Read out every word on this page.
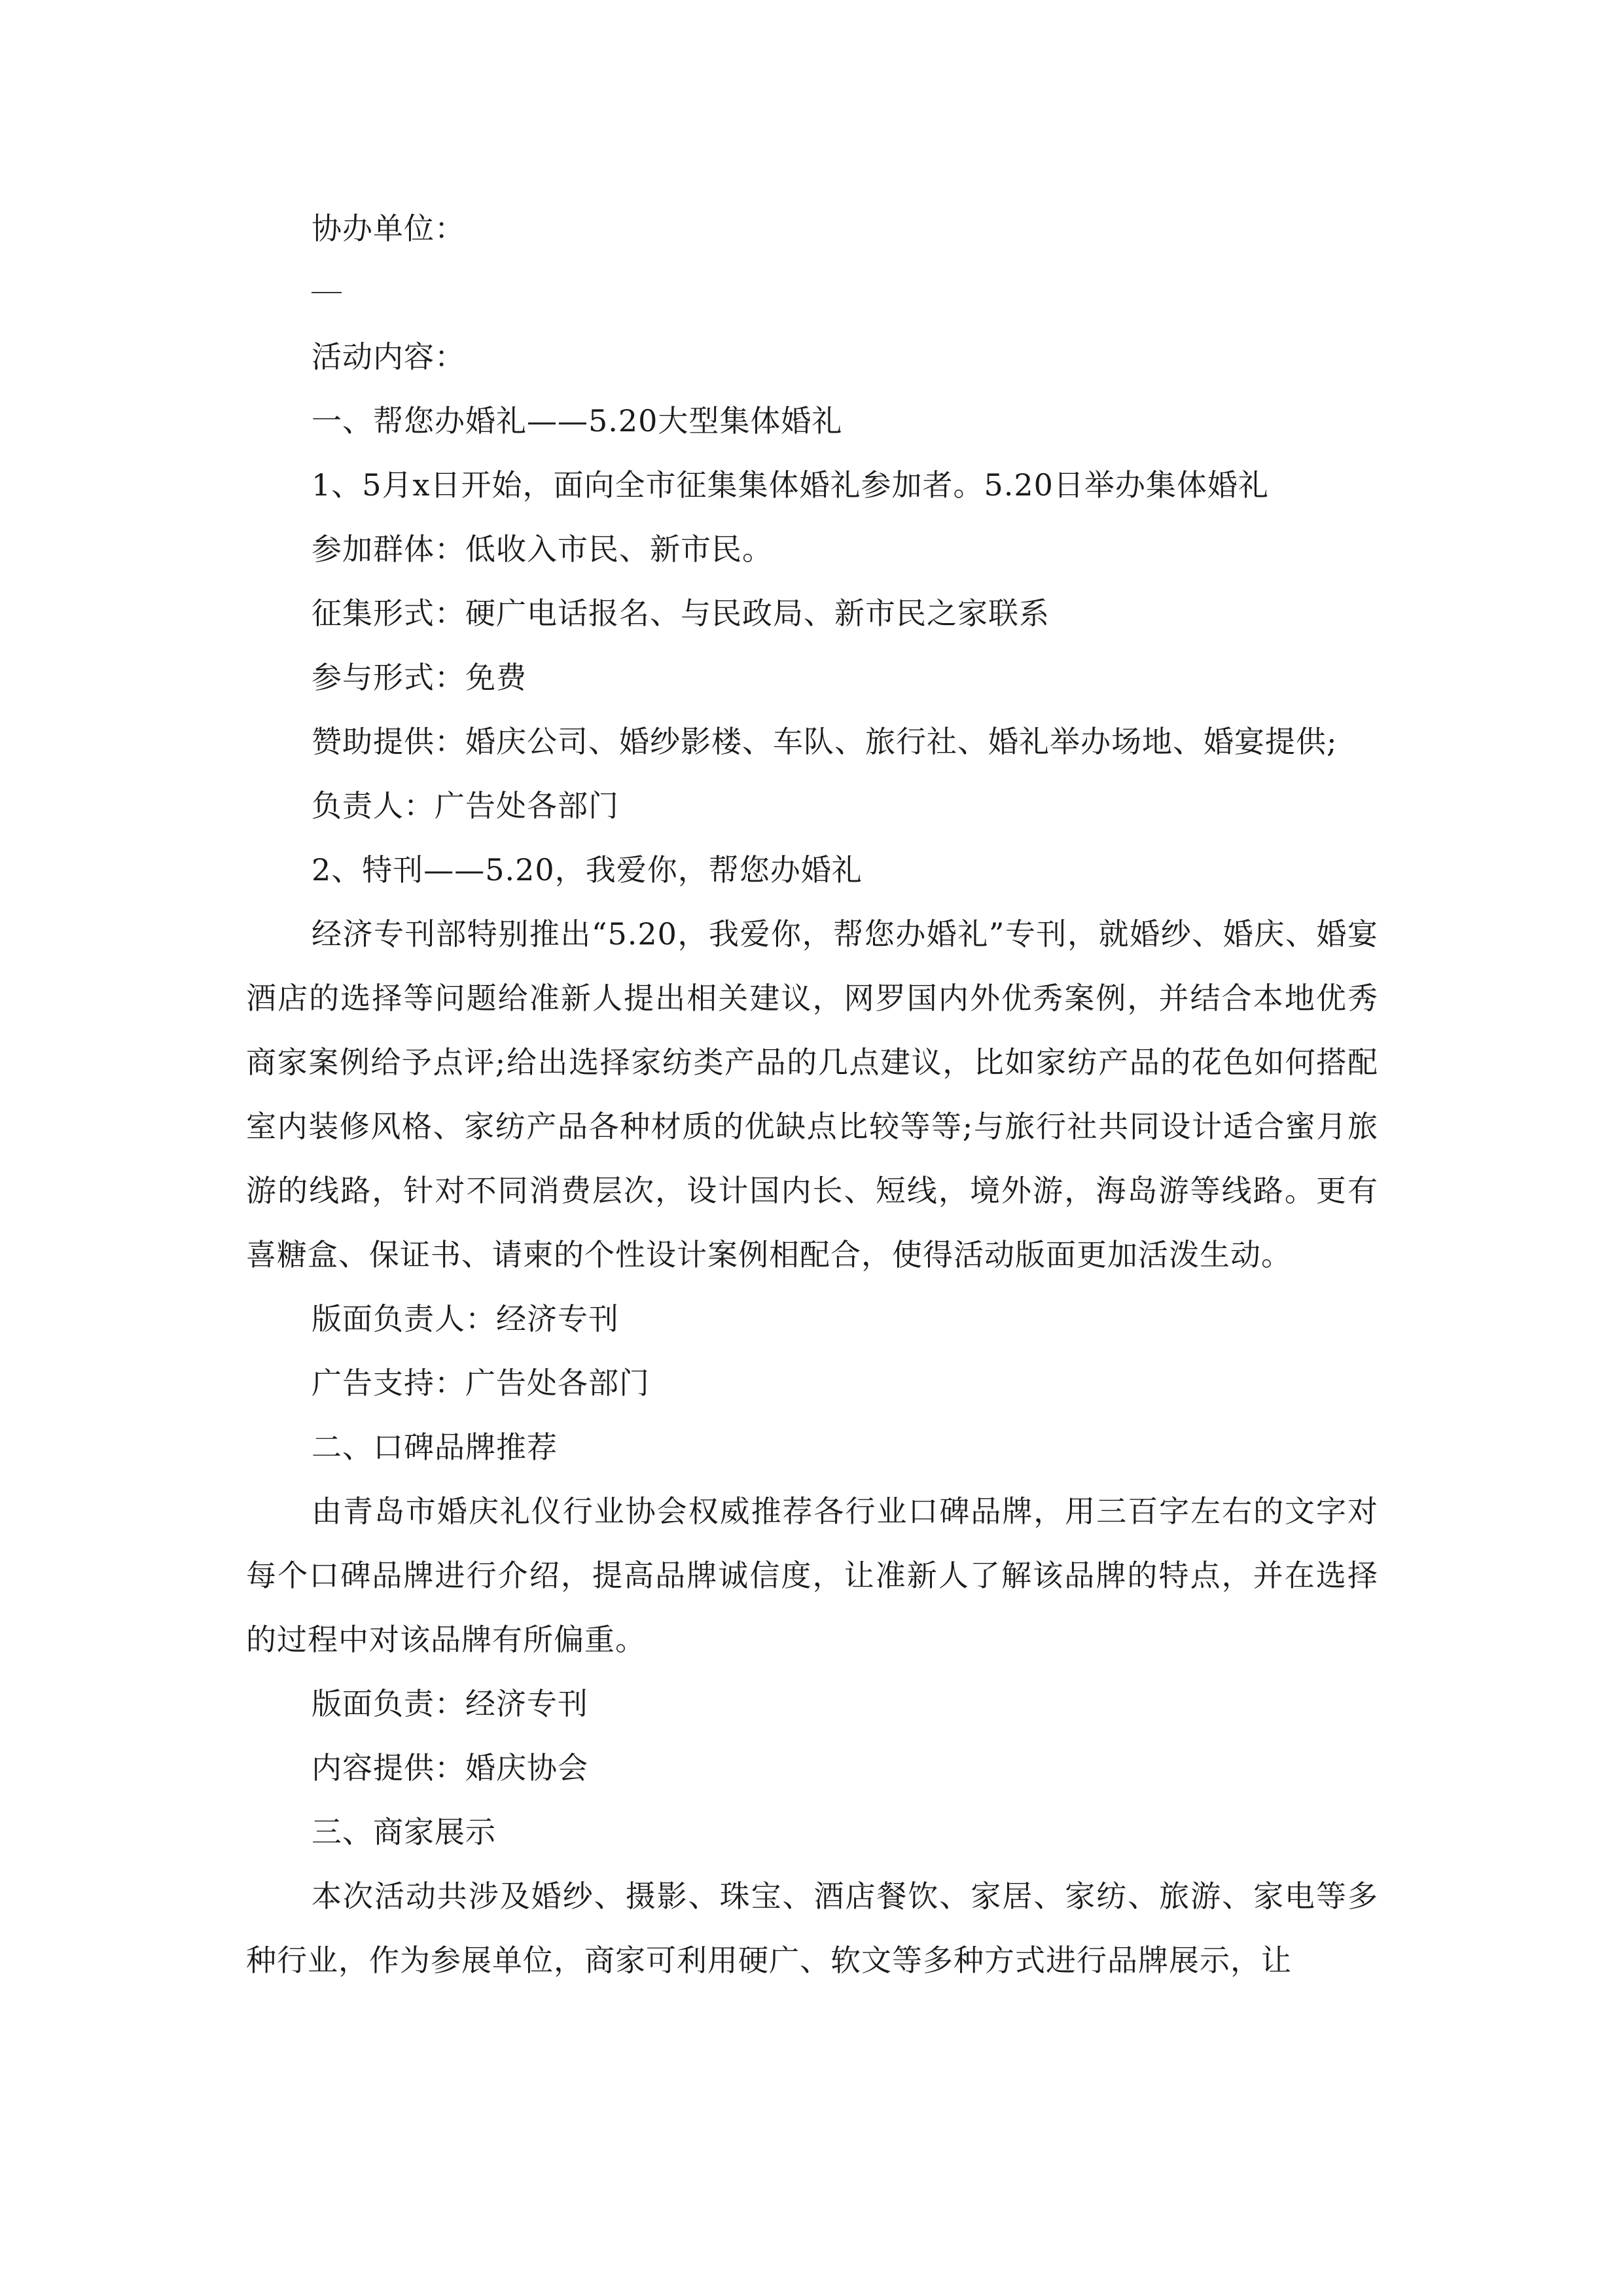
协办单位：
活动内容：
一、帮您办婚礼——5.20大型集体婚礼
1、5月x日开始，面向全市征集集体婚礼参加者。5.20日举办集体婚礼
参加群体：低收入市民、新市民。
征集形式：硬广电话报名、与民政局、新市民之家联系
参与形式：免费
赞助提供：婚庆公司、婚纱影楼、车队、旅行社、婚礼举办场地、婚宴提供;
负责人：广告处各部门
2、特刊——5.20，我爱你，帮您办婚礼

经济专刊部特别推出“5.20，我爱你，帮您办婚礼”专刊，就婚纱、婚庆、婚宴酒店的选择等问题给准新人提出相关建议，网罗国内外优秀案例，并结合本地优秀商家案例给予点评;给出选择家纺类产品的几点建议，比如家纺产品的花色如何搭配室内装修风格、家纺产品各种材质的优缺点比较等等;与旅行社共同设计适合蜜月旅游的线路，针对不同消费层次，设计国内长、短线，境外游，海岛游等线路。更有喜糖盒、保证书、请柬的个性设计案例相配合，使得活动版面更加活泼生动。

版面负责人：经济专刊
广告支持：广告处各部门
二、口碑品牌推荐

由青岛市婚庆礼仪行业协会权威推荐各行业口碑品牌，用三百字左右的文字对每个口碑品牌进行介绍，提高品牌诚信度，让准新人了解该品牌的特点，并在选择的过程中对该品牌有所偏重。

版面负责：经济专刊
内容提供：婚庆协会
三、商家展示

本次活动共涉及婚纱、摄影、珠宝、酒店餐饮、家居、家纺、旅游、家电等多种行业，作为参展单位，商家可利用硬广、软文等多种方式进行品牌展示，让
